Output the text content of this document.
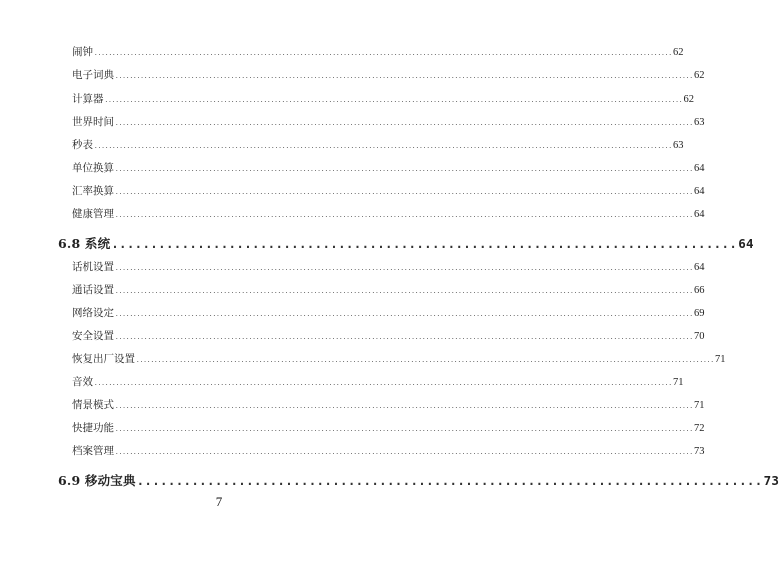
闹钟 ................................................................................................................................................................ 62
电子词典 ................................................................................................................................................................ 62
计算器 ................................................................................................................................................................ 62
世界时间 ................................................................................................................................................................ 63
秒表 ................................................................................................................................................................ 63
单位换算 ................................................................................................................................................................ 64
汇率换算 ................................................................................................................................................................ 64
健康管理 ................................................................................................................................................................ 64
6.8 系统 ................................................................................ 64
话机设置 ................................................................................................................................................................ 64
通话设置 ................................................................................................................................................................ 66
网络设定 ................................................................................................................................................................ 69
安全设置 ................................................................................................................................................................ 70
恢复出厂设置 ................................................................................................................................................................ 71
音效 ................................................................................................................................................................ 71
情景模式 ................................................................................................................................................................ 71
快捷功能 ................................................................................................................................................................ 72
档案管理 ................................................................................................................................................................ 73
6.9 移动宝典 ................................................................................ 73
7
